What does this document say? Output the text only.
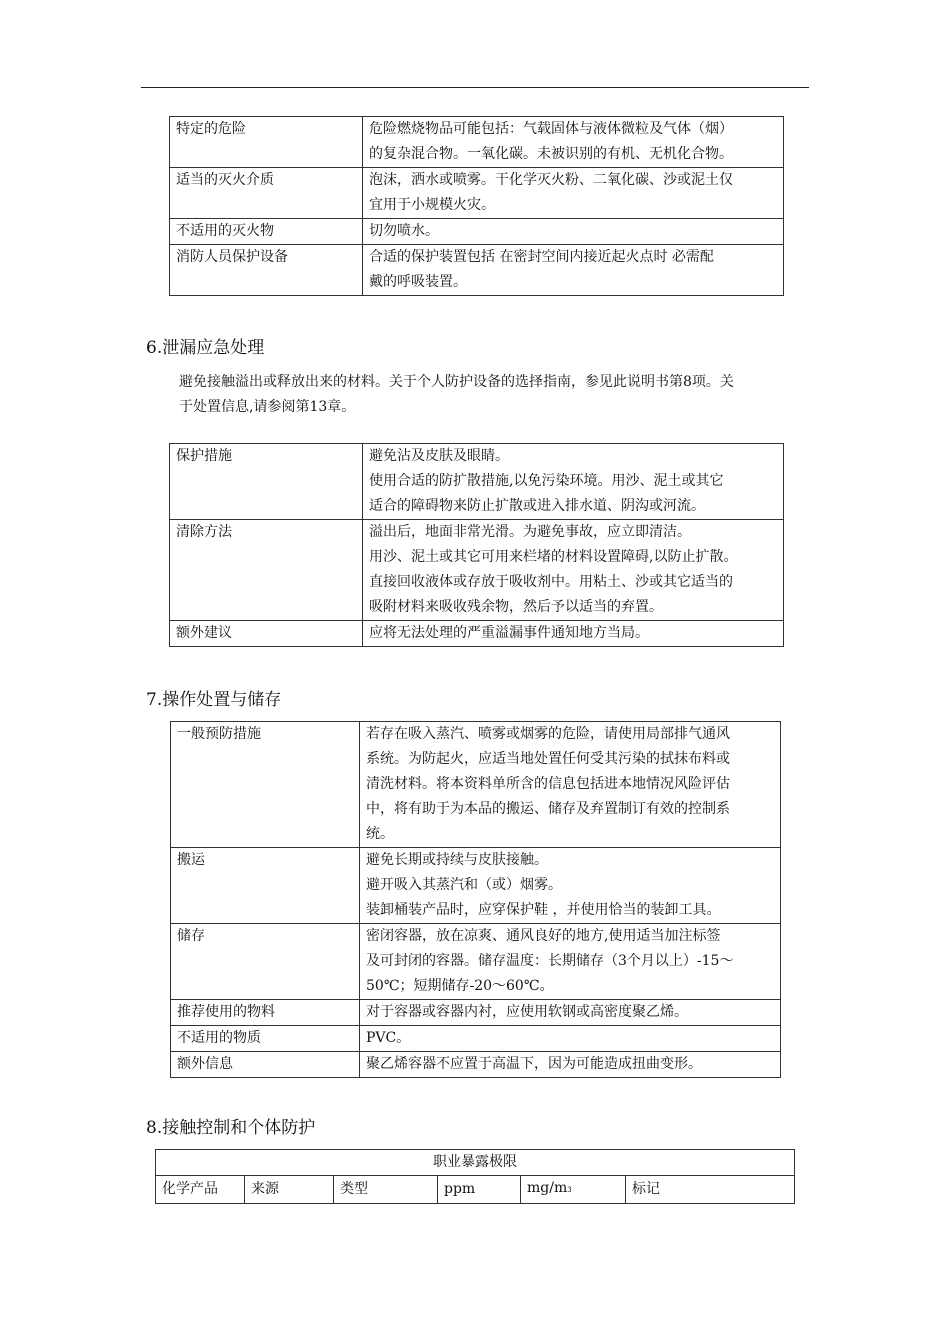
特定的危险	危险燃烧物品可能包括：气载固体与液体微粒及气体（烟）
的复杂混合物。一氧化碳。未被识别的有机、无机化合物。

适当的灭火介质	泡沫，洒水或喷雾。干化学灭火粉、二氧化碳、沙或泥土仅
宜用于小规模火灾。

不适用的灭火物	切勿喷水。

消防人员保护设备	合适的保护装置包括 在密封空间内接近起火点时 必需配
戴的呼吸装置。
6.泄漏应急处理
避免接触溢出或释放出来的材料。关于个人防护设备的选择指南，参见此说明书第8项。关
于处置信息,请参阅第13章。
保护措施	避免沾及皮肤及眼睛。
使用合适的防扩散措施,以免污染环境。用沙、泥土或其它
适合的障碍物来防止扩散或进入排水道、阴沟或河流。

清除方法	溢出后，地面非常光滑。为避免事故，应立即清洁。
用沙、泥土或其它可用来栏堵的材料设置障碍,以防止扩散。
直接回收液体或存放于吸收剂中。用粘土、沙或其它适当的
吸附材料来吸收残余物，然后予以适当的弃置。

额外建议	应将无法处理的严重溢漏事件通知地方当局。
7.操作处置与储存
一般预防措施	若存在吸入蒸汽、喷雾或烟雾的危险，请使用局部排气通风
系统。为防起火，应适当地处置任何受其污染的拭抹布料或
清洗材料。将本资料单所含的信息包括进本地情况风险评估
中，将有助于为本品的搬运、储存及弃置制订有效的控制系
统。

搬运	避免长期或持续与皮肤接触。
避开吸入其蒸汽和（或）烟雾。
装卸桶装产品时，应穿保护鞋 ，并使用恰当的装卸工具。

储存	密闭容器，放在凉爽、通风良好的地方,使用适当加注标签
及可封闭的容器。储存温度：长期储存（3个月以上）-15～
50℃；短期储存-20～60℃。

推荐使用的物料	对于容器或容器内衬，应使用软钢或高密度聚乙烯。

不适用的物质	PVC。

额外信息	聚乙烯容器不应置于高温下，因为可能造成扭曲变形。
8.接触控制和个体防护
职业暴露极限
化学产品	来源	类型	ppm	mg/m3	标记
